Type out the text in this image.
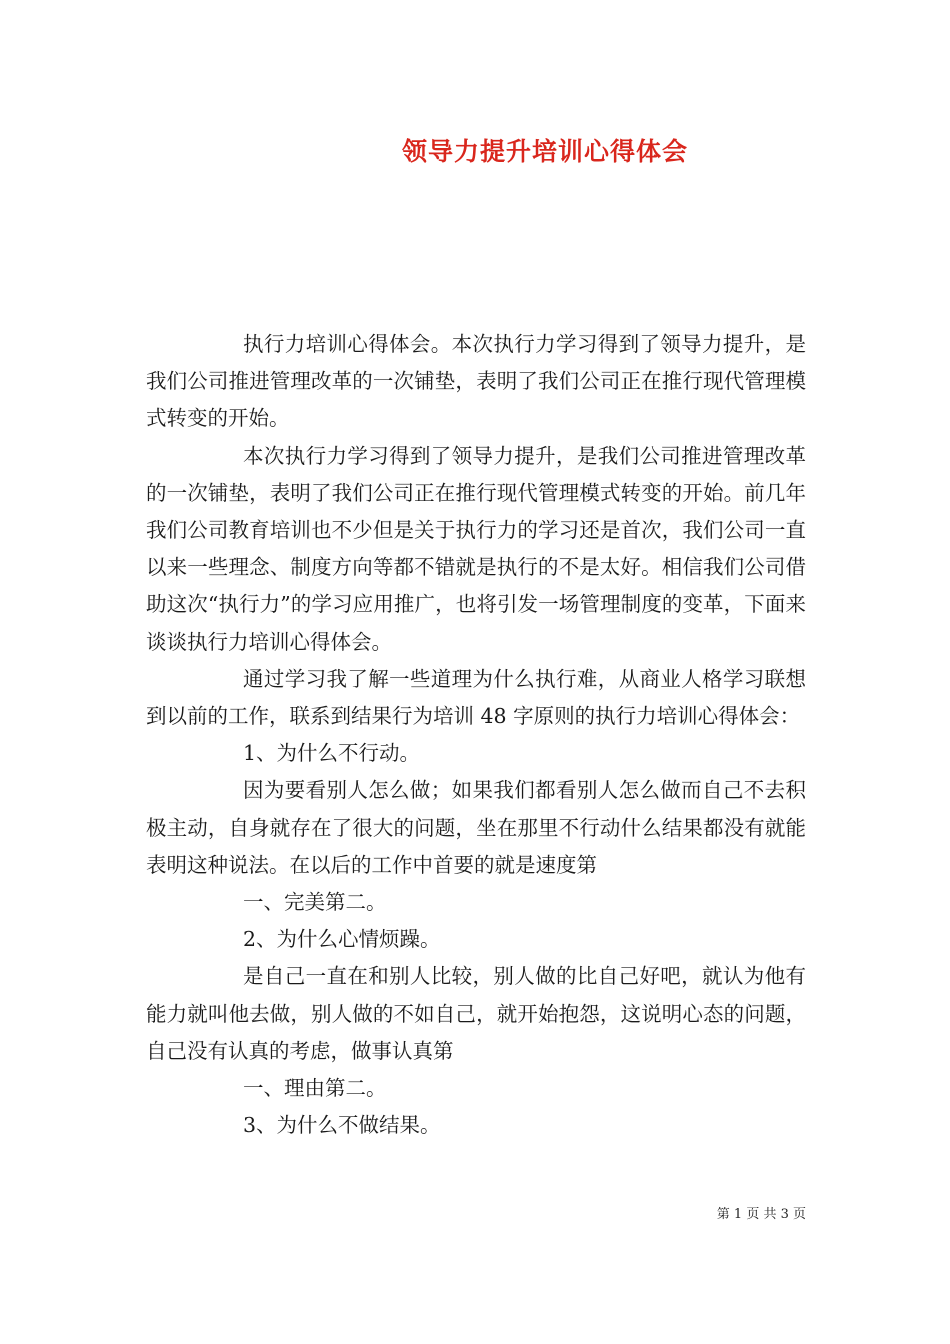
领导力提升培训心得体会

执行力培训心得体会。本次执行力学习得到了领导力提升，是我们公司推进管理改革的一次铺垫，表明了我们公司正在推行现代管理模式转变的开始。

本次执行力学习得到了领导力提升，是我们公司推进管理改革的一次铺垫，表明了我们公司正在推行现代管理模式转变的开始。前几年我们公司教育培训也不少但是关于执行力的学习还是首次，我们公司一直以来一些理念、制度方向等都不错就是执行的不是太好。相信我们公司借助这次“执行力”的学习应用推广，也将引发一场管理制度的变革，下面来谈谈执行力培训心得体会。

通过学习我了解一些道理为什么执行难，从商业人格学习联想到以前的工作，联系到结果行为培训 48 字原则的执行力培训心得体会：

1、为什么不行动。

因为要看别人怎么做；如果我们都看别人怎么做而自己不去积极主动，自身就存在了很大的问题，坐在那里不行动什么结果都没有就能表明这种说法。在以后的工作中首要的就是速度第

一、完美第二。

2、为什么心情烦躁。

是自己一直在和别人比较，别人做的比自己好吧，就认为他有能力就叫他去做，别人做的不如自己，就开始抱怨，这说明心态的问题，自己没有认真的考虑，做事认真第

一、理由第二。

3、为什么不做结果。

第 1 页 共 3 页
